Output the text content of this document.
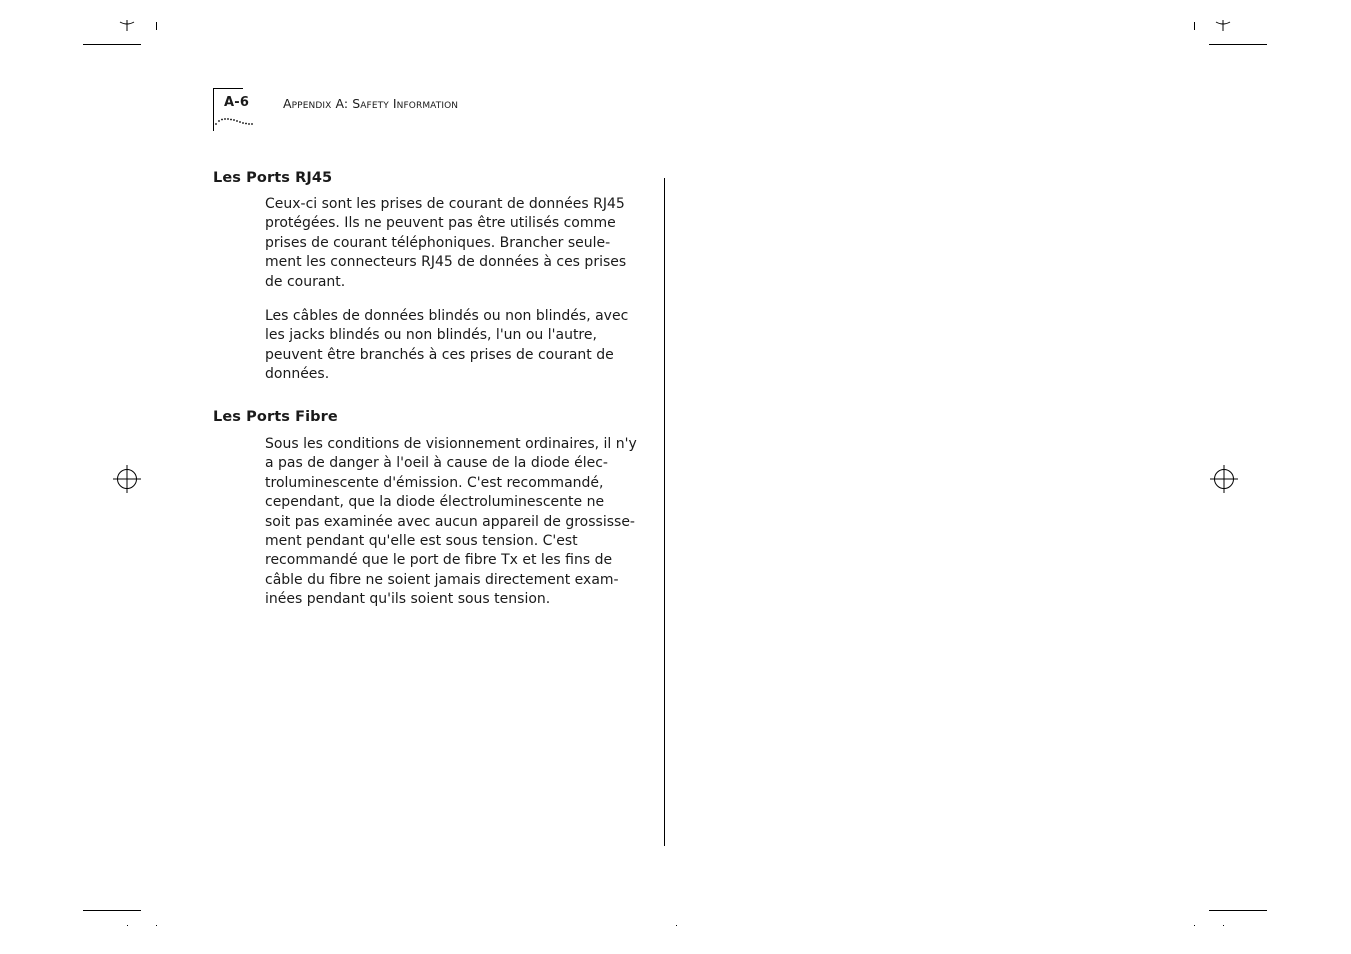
A-6	Appendix A: Safety Information
Les Ports RJ45
Ceux-ci sont les prises de courant de données RJ45
protégées. Ils ne peuvent pas être utilisés comme
prises de courant téléphoniques. Brancher seule-
ment les connecteurs RJ45 de données à ces prises
de courant.
Les câbles de données blindés ou non blindés, avec
les jacks blindés ou non blindés, l'un ou l'autre,
peuvent être branchés à ces prises de courant de
données.
Les Ports Fibre
Sous les conditions de visionnement ordinaires, il n'y
a pas de danger à l'oeil à cause de la diode élec-
troluminescente d'émission. C'est recommandé,
cependant, que la diode électroluminescente ne
soit pas examinée avec aucun appareil de grossisse-
ment pendant qu'elle est sous tension. C'est
recommandé que le port de fibre Tx et les fins de
câble du fibre ne soient jamais directement exam-
inées pendant qu'ils soient sous tension.
